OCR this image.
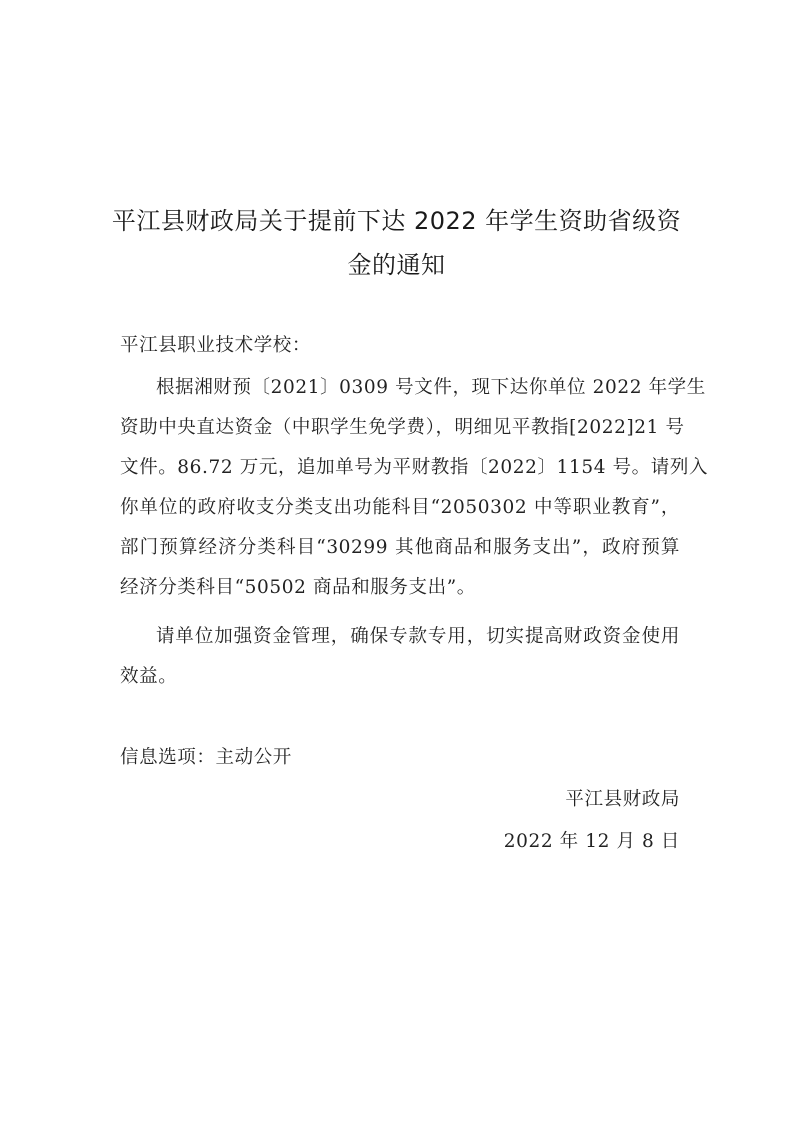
平江县财政局关于提前下达 2022 年学生资助省级资
金的通知
平江县职业技术学校：
根据湘财预〔2021〕0309 号文件，现下达你单位 2022 年学生
资助中央直达资金（中职学生免学费），明细见平教指[2022]21 号
文件。86.72 万元，追加单号为平财教指〔2022〕1154 号。请列入
你单位的政府收支分类支出功能科目“2050302 中等职业教育”，
部门预算经济分类科目“30299 其他商品和服务支出”，政府预算
经济分类科目“50502 商品和服务支出”。
请单位加强资金管理，确保专款专用，切实提高财政资金使用
效益。
信息选项：主动公开
平江县财政局
2022 年 12 月 8 日
